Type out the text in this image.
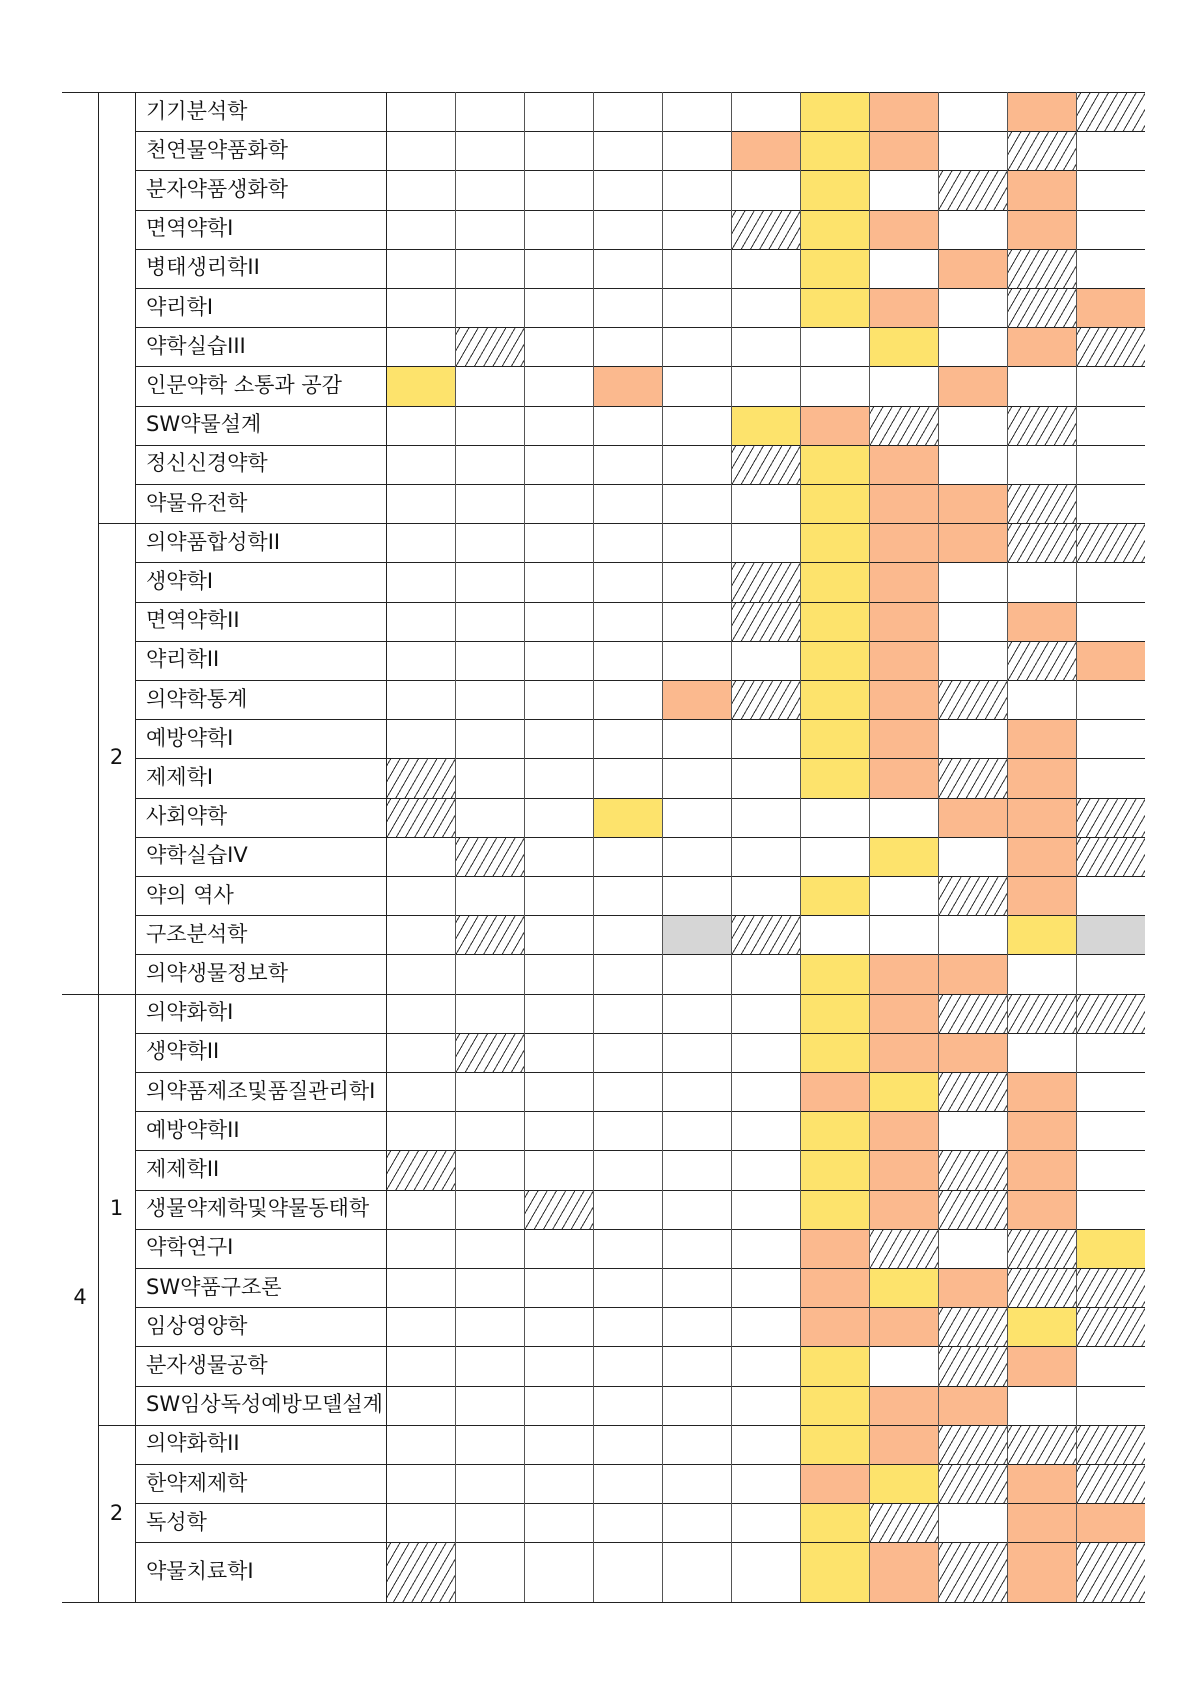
기기분석학
천연물약품화학
분자약품생화학
면역약학I
병태생리학II
약리학I
약학실습III
인문약학 소통과 공감
SW약물설계
정신신경약학
약물유전학
의약품합성학II
생약학I
면역약학II
약리학II
의약학통계
예방약학I
제제학I
사회약학
약학실습IV
약의 역사
구조분석학
의약생물정보학
의약화학I
생약학II
의약품제조및품질관리학I
예방약학II
제제학II
생물약제학및약물동태학
약학연구I
SW약품구조론
임상영양학
분자생물공학
SW임상독성예방모델설계
의약화학II
한약제제학
독성학
약물치료학I
2
1
2
4
